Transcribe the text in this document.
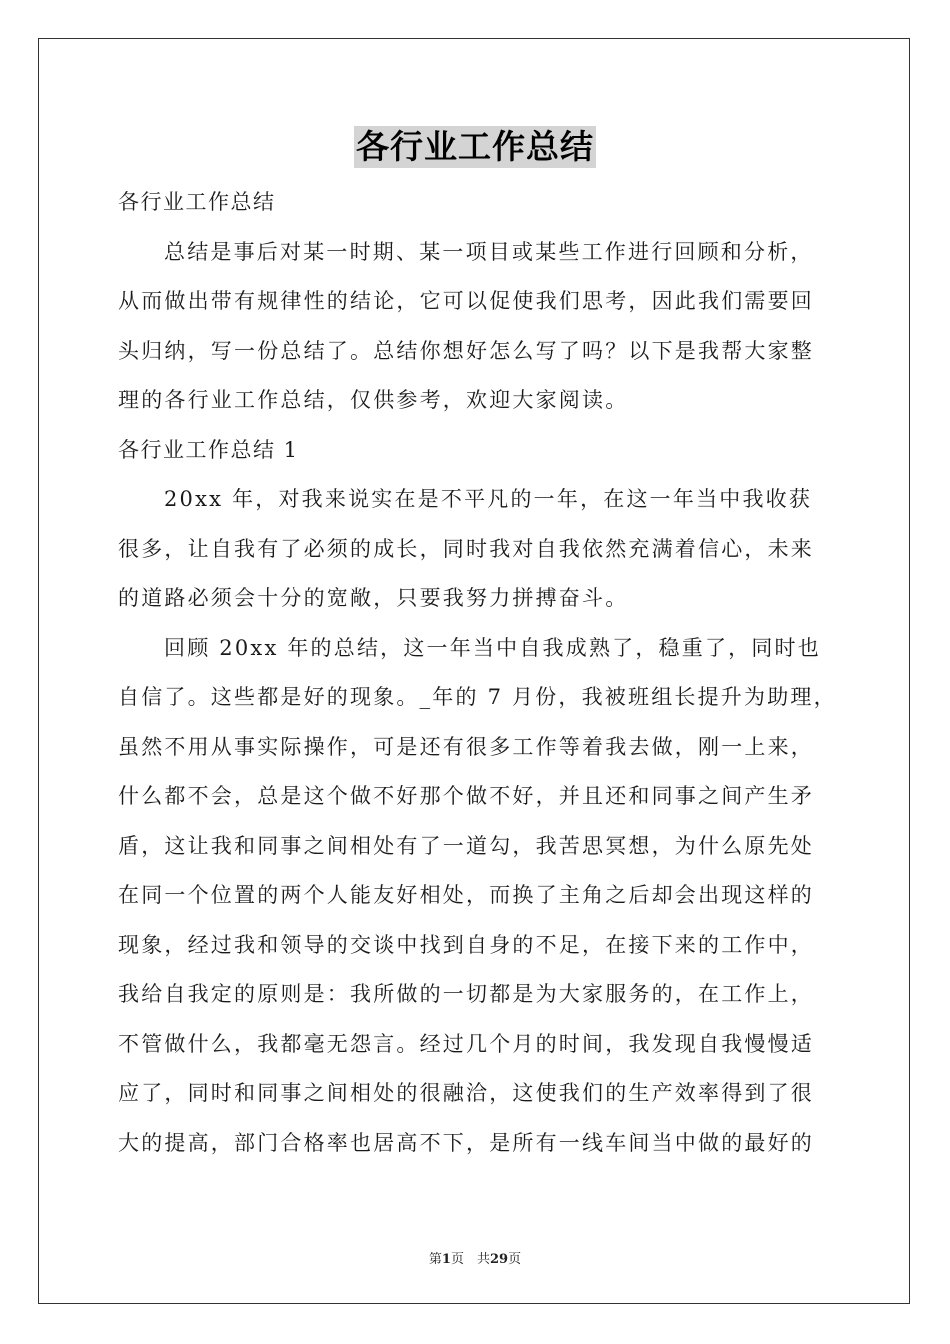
各行业工作总结
各行业工作总结
总结是事后对某一时期、某一项目或某些工作进行回顾和分析，
从而做出带有规律性的结论，它可以促使我们思考，因此我们需要回
头归纳，写一份总结了。总结你想好怎么写了吗？以下是我帮大家整
理的各行业工作总结，仅供参考，欢迎大家阅读。
各行业工作总结 1
20xx 年，对我来说实在是不平凡的一年，在这一年当中我收获
很多，让自我有了必须的成长，同时我对自我依然充满着信心，未来
的道路必须会十分的宽敞，只要我努力拼搏奋斗。
回顾 20xx 年的总结，这一年当中自我成熟了，稳重了，同时也
自信了。这些都是好的现象。_年的 7 月份，我被班组长提升为助理，
虽然不用从事实际操作，可是还有很多工作等着我去做，刚一上来，
什么都不会，总是这个做不好那个做不好，并且还和同事之间产生矛
盾，这让我和同事之间相处有了一道勾，我苦思冥想，为什么原先处
在同一个位置的两个人能友好相处，而换了主角之后却会出现这样的
现象，经过我和领导的交谈中找到自身的不足，在接下来的工作中，
我给自我定的原则是：我所做的一切都是为大家服务的，在工作上，
不管做什么，我都毫无怨言。经过几个月的时间，我发现自我慢慢适
应了，同时和同事之间相处的很融洽，这使我们的生产效率得到了很
大的提高，部门合格率也居高不下，是所有一线车间当中做的最好的
第1页　共29页
